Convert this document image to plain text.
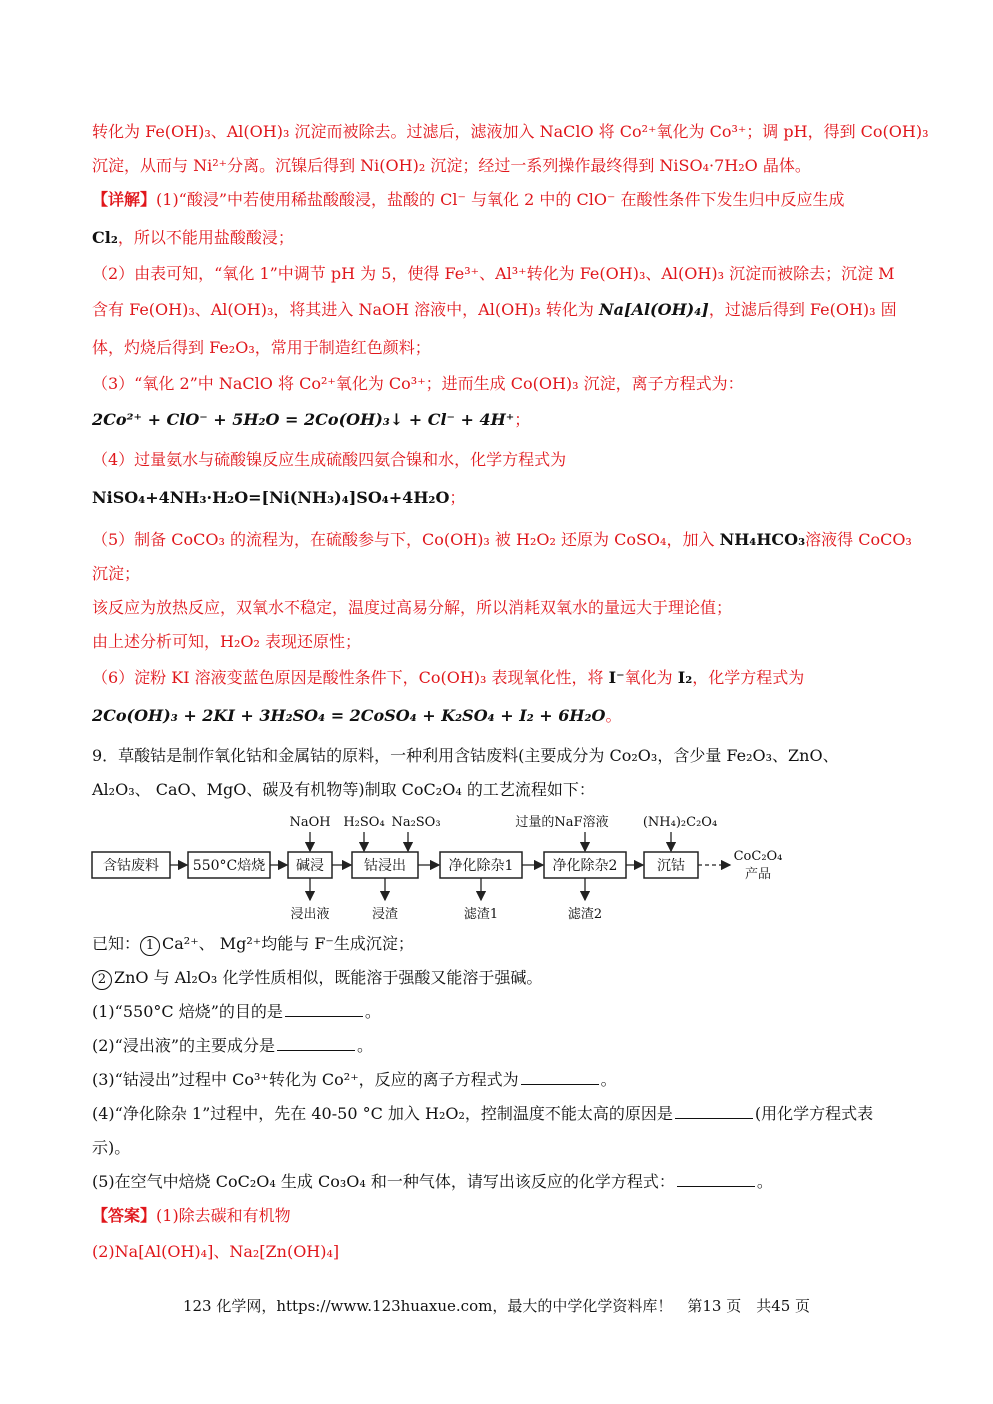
转化为 Fe(OH)₃、Al(OH)₃ 沉淀而被除去。过滤后，滤液加入 NaClO 将 Co²⁺氧化为 Co³⁺；调 pH，得到 Co(OH)₃
沉淀，从而与 Ni²⁺分离。沉镍后得到 Ni(OH)₂ 沉淀；经过一系列操作最终得到 NiSO₄·7H₂O 晶体。
【详解】(1)“酸浸”中若使用稀盐酸酸浸，盐酸的 Cl⁻ 与氧化 2 中的 ClO⁻ 在酸性条件下发生归中反应生成
Cl₂，所以不能用盐酸酸浸；
（2）由表可知，“氧化 1”中调节 pH 为 5，使得 Fe³⁺、Al³⁺转化为 Fe(OH)₃、Al(OH)₃ 沉淀而被除去；沉淀 M
含有 Fe(OH)₃、Al(OH)₃，将其进入 NaOH 溶液中，Al(OH)₃ 转化为 Na[Al(OH)₄]，过滤后得到 Fe(OH)₃ 固
体，灼烧后得到 Fe₂O₃，常用于制造红色颜料；
（3）“氧化 2”中 NaClO 将 Co²⁺氧化为 Co³⁺；进而生成 Co(OH)₃ 沉淀，离子方程式为：
2Co²⁺ + ClO⁻ + 5H₂O = 2Co(OH)₃↓ + Cl⁻ + 4H⁺；
（4）过量氨水与硫酸镍反应生成硫酸四氨合镍和水，化学方程式为
NiSO₄+4NH₃·H₂O=[Ni(NH₃)₄]SO₄+4H₂O；
（5）制备 CoCO₃ 的流程为，在硫酸参与下，Co(OH)₃ 被 H₂O₂ 还原为 CoSO₄，加入 NH₄HCO₃溶液得 CoCO₃
沉淀；
该反应为放热反应，双氧水不稳定，温度过高易分解，所以消耗双氧水的量远大于理论值；
由上述分析可知，H₂O₂ 表现还原性；
（6）淀粉 KI 溶液变蓝色原因是酸性条件下，Co(OH)₃ 表现氧化性，将 I⁻氧化为 I₂，化学方程式为
2Co(OH)₃ + 2KI + 3H₂SO₄ = 2CoSO₄ + K₂SO₄ + I₂ + 6H₂O。
9．草酸钴是制作氧化钴和金属钴的原料，一种利用含钴废料(主要成分为 Co₂O₃，含少量 Fe₂O₃、ZnO、
Al₂O₃、 CaO、MgO、碳及有机物等)制取 CoC₂O₄ 的工艺流程如下：
含钴废料 550°C焙烧 碱浸	钴浸出	净化除杂1	净化除杂2	沉钴
NaOH H₂SO₄ Na₂SO₃	过量的NaF溶液	(NH₄)₂C₂O₄
浸出液	浸渣	滤渣1	滤渣2
CoC₂O₄
产品
已知： 1 Ca²⁺、 Mg²⁺均能与 F⁻生成沉淀；
2 ZnO 与 Al₂O₃ 化学性质相似，既能溶于强酸又能溶于强碱。
(1)“550°C 焙烧”的目的是	。
(2)“浸出液”的主要成分是	。
(3)“钴浸出”过程中 Co³⁺转化为 Co²⁺，反应的离子方程式为	。
(4)“净化除杂 1”过程中，先在 40-50 °C 加入 H₂O₂，控制温度不能太高的原因是	(用化学方程式表
示)。
(5)在空气中焙烧 CoC₂O₄ 生成 Co₃O₄ 和一种气体，请写出该反应的化学方程式：	。
【答案】(1)除去碳和有机物
(2)Na[Al(OH)₄]、Na₂[Zn(OH)₄]
123 化学网，https://www.123huaxue.com，最大的中学化学资料库！　第13 页　共45 页
